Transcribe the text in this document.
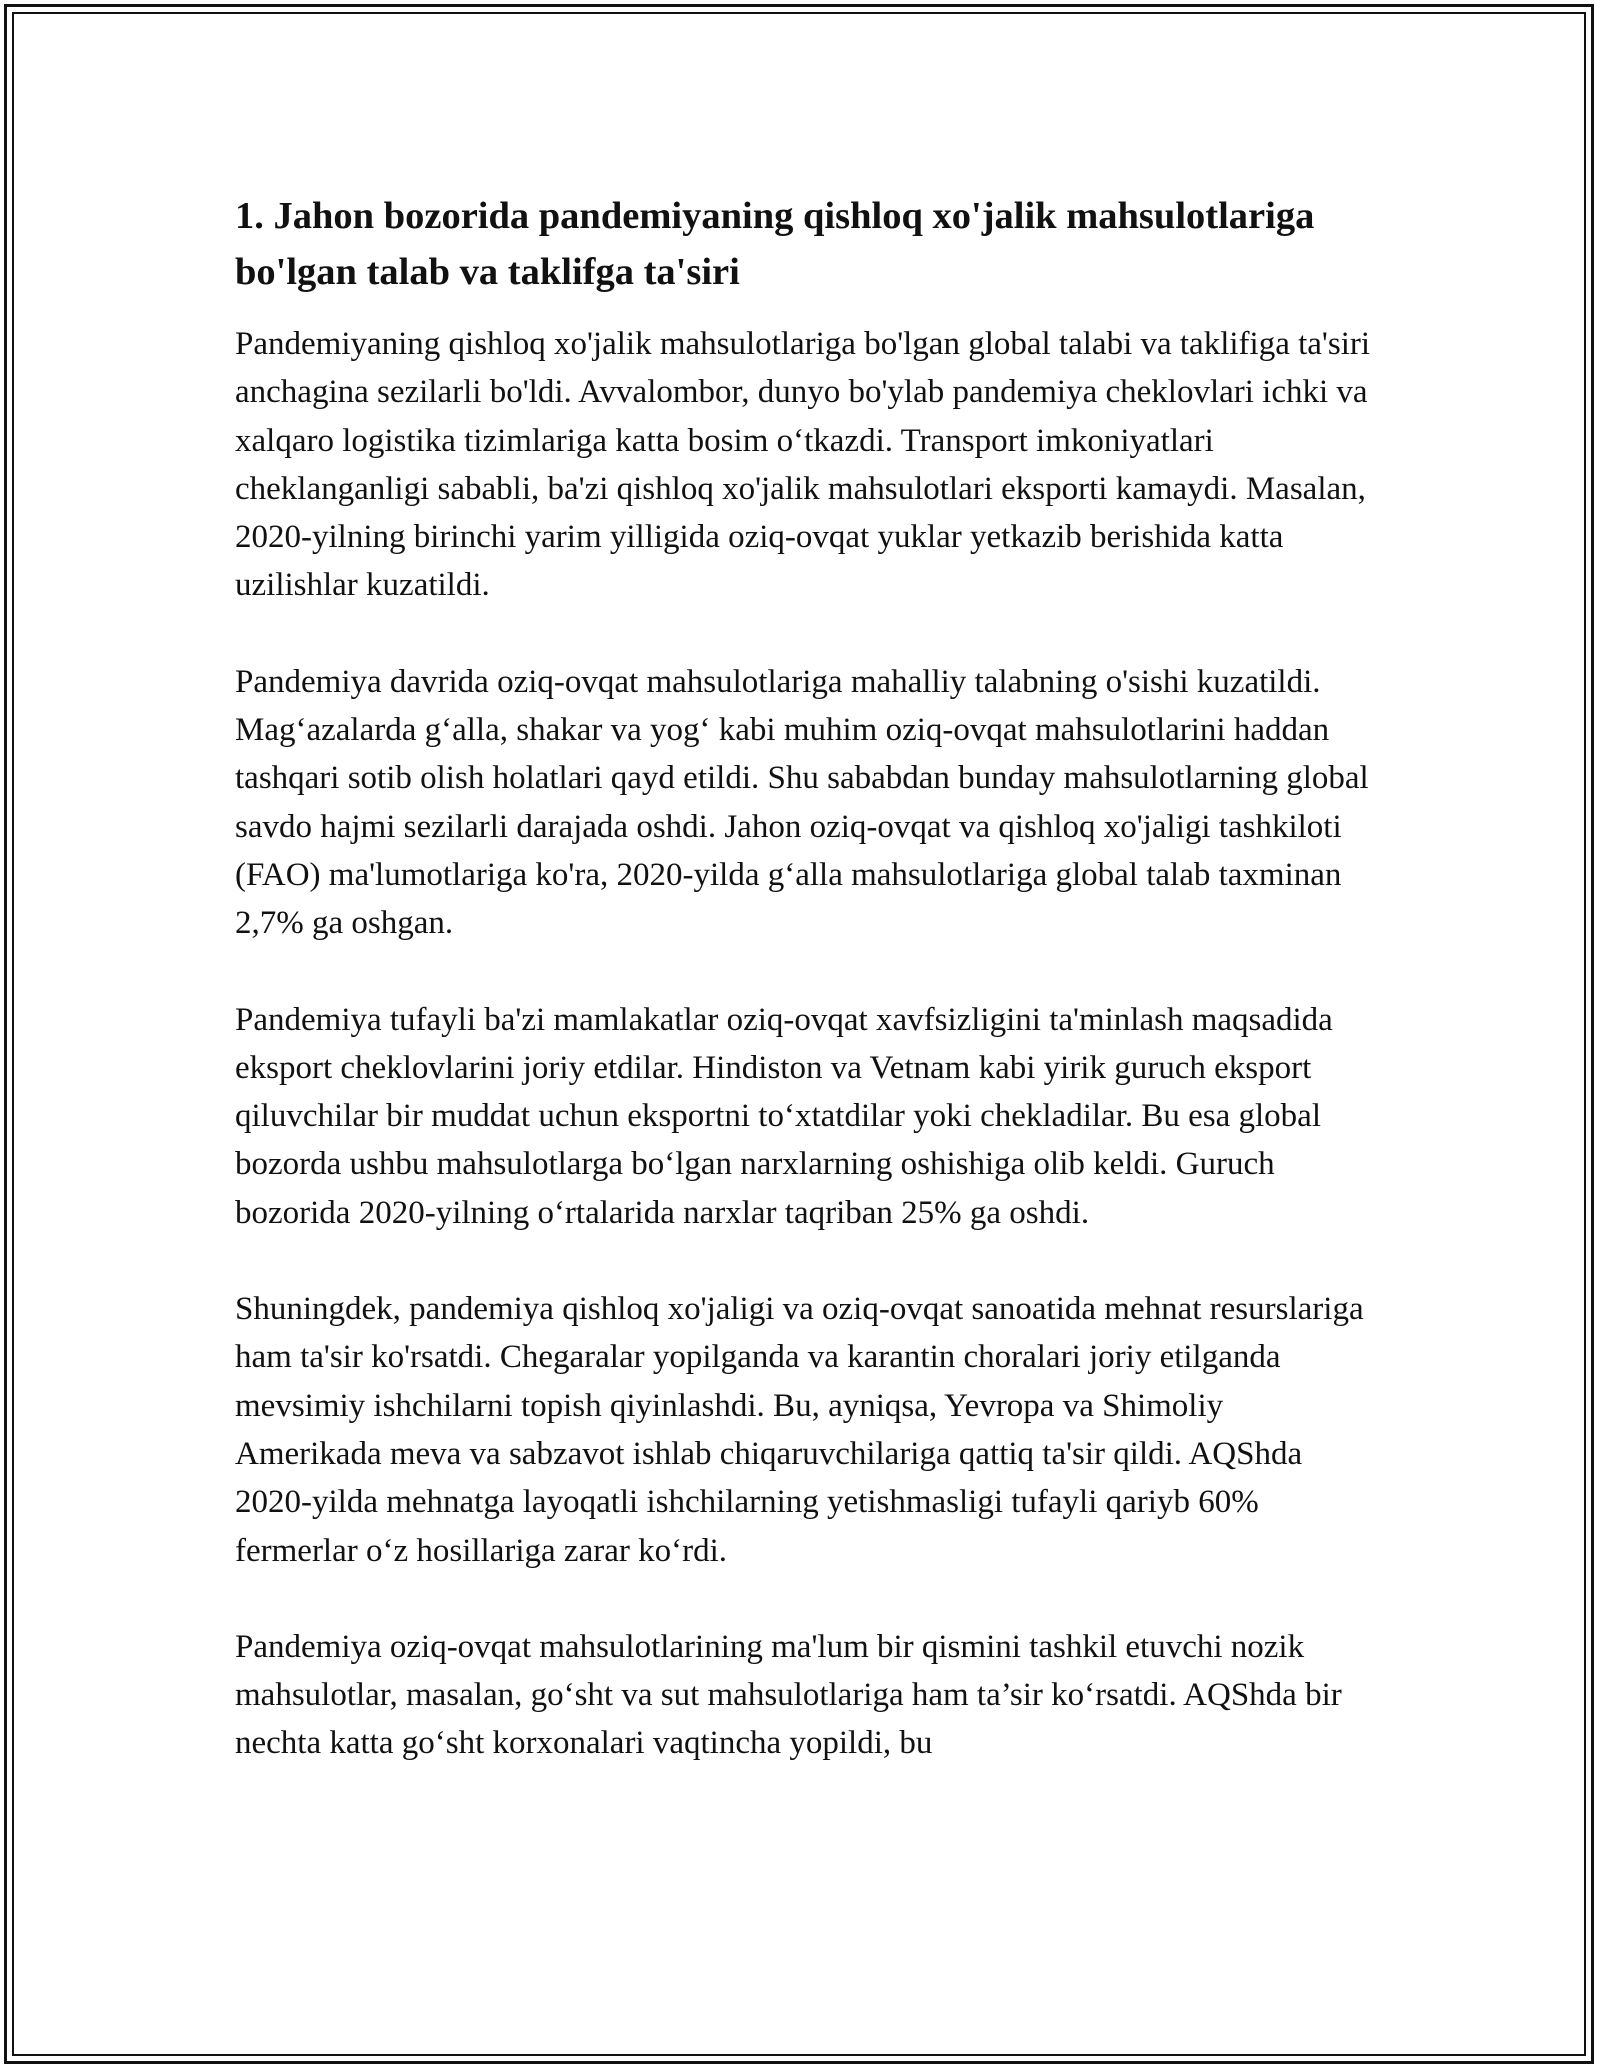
1. Jahon bozorida pandemiyaning qishloq xo'jalik mahsulotlariga bo'lgan talab va taklifga ta'siri

Pandemiyaning qishloq xo'jalik mahsulotlariga bo'lgan global talabi va taklifiga ta'siri anchagina sezilarli bo'ldi. Avvalombor, dunyo bo'ylab pandemiya cheklovlari ichki va xalqaro logistika tizimlariga katta bosim o‘tkazdi. Transport imkoniyatlari cheklanganligi sababli, ba'zi qishloq xo'jalik mahsulotlari eksporti kamaydi. Masalan, 2020-yilning birinchi yarim yilligida oziq-ovqat yuklar yetkazib berishida katta uzilishlar kuzatildi.

Pandemiya davrida oziq-ovqat mahsulotlariga mahalliy talabning o'sishi kuzatildi. Mag‘azalarda g‘alla, shakar va yog‘ kabi muhim oziq-ovqat mahsulotlarini haddan tashqari sotib olish holatlari qayd etildi. Shu sababdan bunday mahsulotlarning global savdo hajmi sezilarli darajada oshdi. Jahon oziq-ovqat va qishloq xo'jaligi tashkiloti (FAO) ma'lumotlariga ko'ra, 2020-yilda g‘alla mahsulotlariga global talab taxminan 2,7% ga oshgan.

Pandemiya tufayli ba'zi mamlakatlar oziq-ovqat xavfsizligini ta'minlash maqsadida eksport cheklovlarini joriy etdilar. Hindiston va Vetnam kabi yirik guruch eksport qiluvchilar bir muddat uchun eksportni to‘xtatdilar yoki chekladilar. Bu esa global bozorda ushbu mahsulotlarga bo‘lgan narxlarning oshishiga olib keldi. Guruch bozorida 2020-yilning o‘rtalarida narxlar taqriban 25% ga oshdi.

Shuningdek, pandemiya qishloq xo'jaligi va oziq-ovqat sanoatida mehnat resurslariga ham ta'sir ko'rsatdi. Chegaralar yopilganda va karantin choralari joriy etilganda mevsimiy ishchilarni topish qiyinlashdi. Bu, ayniqsa, Yevropa va Shimoliy Amerikada meva va sabzavot ishlab chiqaruvchilariga qattiq ta'sir qildi. AQShda 2020-yilda mehnatga layoqatli ishchilarning yetishmasligi tufayli qariyb 60% fermerlar o‘z hosillariga zarar ko‘rdi.

Pandemiya oziq-ovqat mahsulotlarining ma'lum bir qismini tashkil etuvchi nozik mahsulotlar, masalan, go‘sht va sut mahsulotlariga ham ta’sir ko‘rsatdi. AQShda bir nechta katta go‘sht korxonalari vaqtincha yopildi, bu
